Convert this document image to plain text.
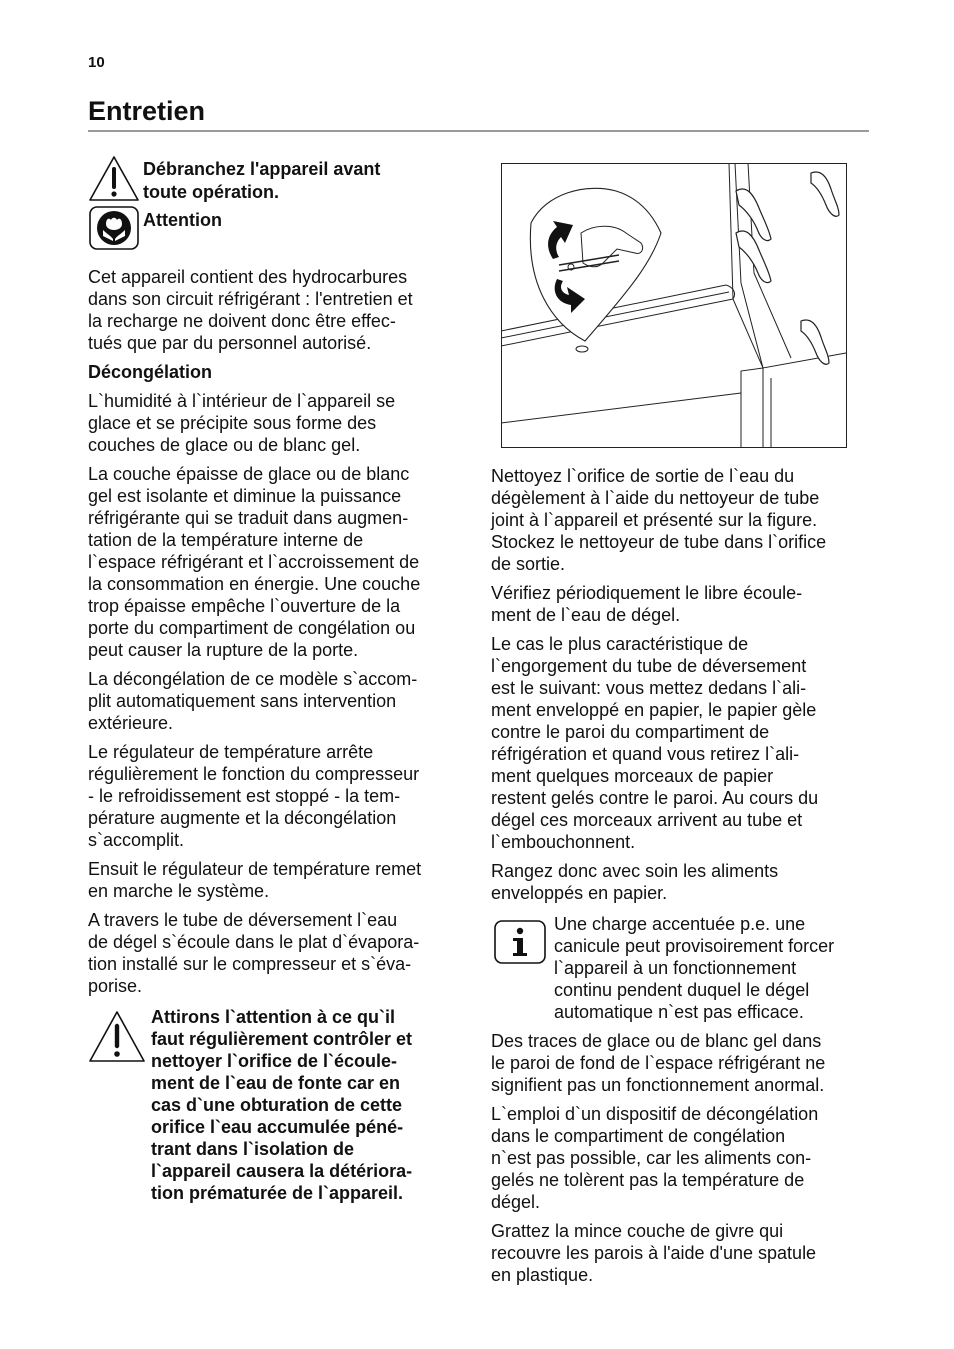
10
Entretien
Débranchez l'appareil avant
toute opération.
Attention

Cet appareil contient des hydrocarbures
dans son circuit réfrigérant : l'entretien et
la recharge ne doivent donc être effec-
tués que par du personnel autorisé.

Décongélation

L`humidité à l`intérieur de l`appareil se
glace et se précipite sous forme des
couches de glace ou de blanc gel.

La couche épaisse de glace ou de blanc
gel est isolante et diminue la puissance
réfrigérante qui se traduit dans augmen-
tation de la température interne de
l`espace réfrigérant et l`accroissement de
la consommation en énergie. Une couche
trop épaisse empêche l`ouverture de la
porte du compartiment de congélation ou
peut causer la rupture de la porte.

La décongélation de ce modèle s`accom-
plit automatiquement sans intervention
extérieure.

Le régulateur de température arrête
régulièrement le fonction du compresseur
- le refroidissement est stoppé - la tem-
pérature augmente et la décongélation
s`accomplit.

Ensuit le régulateur de température remet
en marche le système.

A travers le tube de déversement l`eau
de dégel s`écoule dans le plat d`évapora-
tion installé sur le compresseur et s`éva-
porise.

Attirons l`attention à ce qu`il
faut régulièrement contrôler et
nettoyer l`orifice de l`écoule-
ment de l`eau de fonte car en
cas d`une obturation de cette
orifice l`eau accumulée péné-
trant dans l`isolation de
l`appareil causera la détériora-
tion prématurée de l`appareil.

Nettoyez l`orifice de sortie de l`eau du
dégèlement à l`aide du nettoyeur de tube
joint à l`appareil et présenté sur la figure.
Stockez le nettoyeur de tube dans l`orifice
de sortie.

Vérifiez périodiquement le libre écoule-
ment de l`eau de dégel.

Le cas le plus caractéristique de
l`engorgement du tube de déversement
est le suivant: vous mettez dedans l`ali-
ment enveloppé en papier, le papier gèle
contre le paroi du compartiment de
réfrigération et quand vous retirez l`ali-
ment quelques morceaux de papier
restent gelés contre le paroi. Au cours du
dégel ces morceaux arrivent au tube et
l`embouchonnent.

Rangez donc avec soin les aliments
enveloppés en papier.

Une charge accentuée p.e. une
canicule peut provisoirement forcer
l`appareil à un fonctionnement
continu pendent duquel le dégel
automatique n`est pas efficace.

Des traces de glace ou de blanc gel dans
le paroi de fond de l`espace réfrigérant ne
signifient pas un fonctionnement anormal.

L`emploi d`un dispositif de décongélation
dans le compartiment de congélation
n`est pas possible, car les aliments con-
gelés ne tolèrent pas la température de
dégel.

Grattez la mince couche de givre qui
recouvre les parois à l'aide d'une spatule
en plastique.
